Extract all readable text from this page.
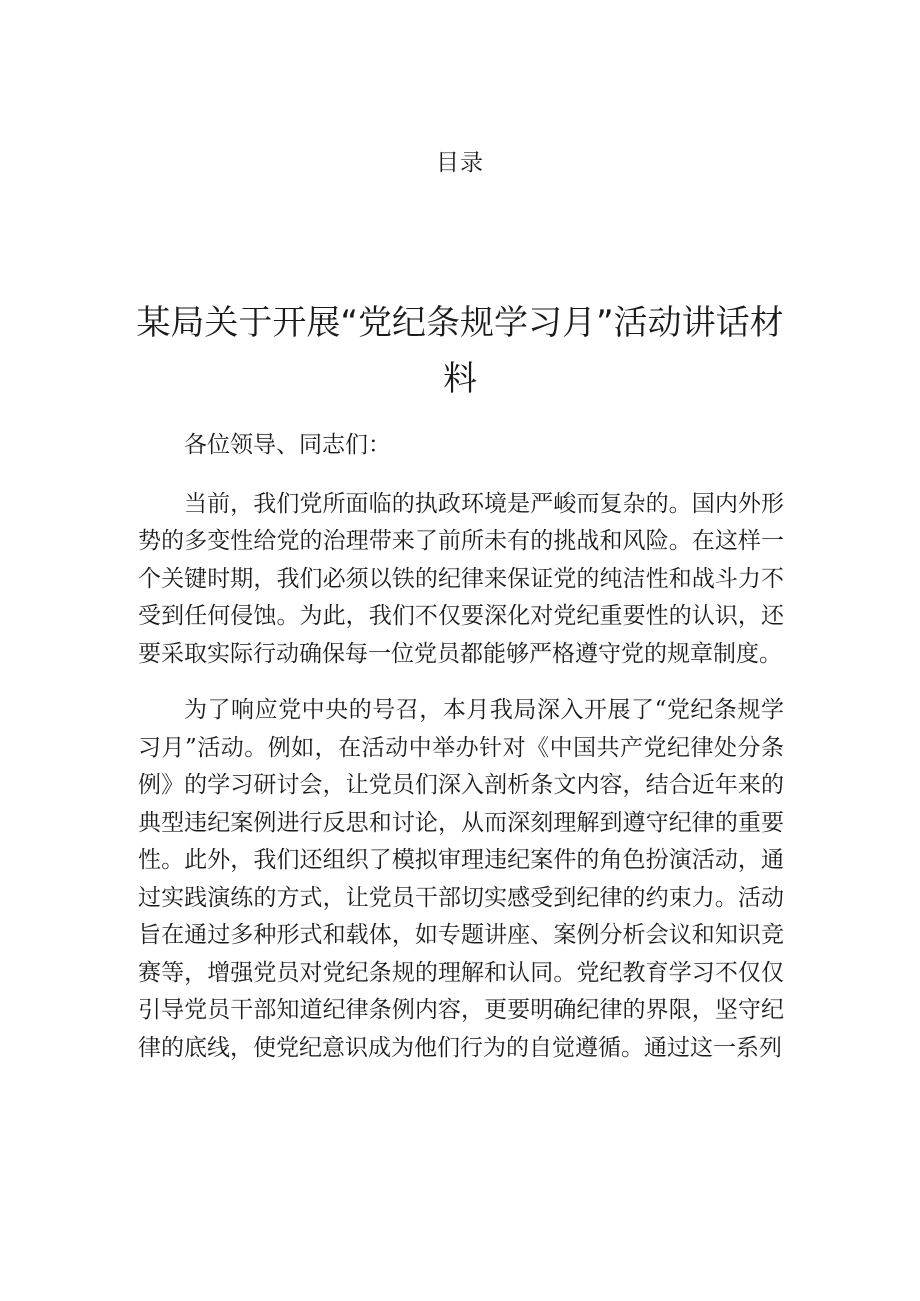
目录
某局关于开展“党纪条规学习月”活动讲话材料

各位领导、同志们：

当前，我们党所面临的执政环境是严峻而复杂的。国内外形势的多变性给党的治理带来了前所未有的挑战和风险。在这样一个关键时期，我们必须以铁的纪律来保证党的纯洁性和战斗力不受到任何侵蚀。为此，我们不仅要深化对党纪重要性的认识，还要采取实际行动确保每一位党员都能够严格遵守党的规章制度。

为了响应党中央的号召，本月我局深入开展了“党纪条规学习月”活动。例如，在活动中举办针对《中国共产党纪律处分条例》的学习研讨会，让党员们深入剖析条文内容，结合近年来的典型违纪案例进行反思和讨论，从而深刻理解到遵守纪律的重要性。此外，我们还组织了模拟审理违纪案件的角色扮演活动，通过实践演练的方式，让党员干部切实感受到纪律的约束力。活动旨在通过多种形式和载体，如专题讲座、案例分析会议和知识竞赛等，增强党员对党纪条规的理解和认同。党纪教育学习不仅仅引导党员干部知道纪律条例内容，更要明确纪律的界限，坚守纪律的底线，使党纪意识成为他们行为的自觉遵循。通过这一系列
